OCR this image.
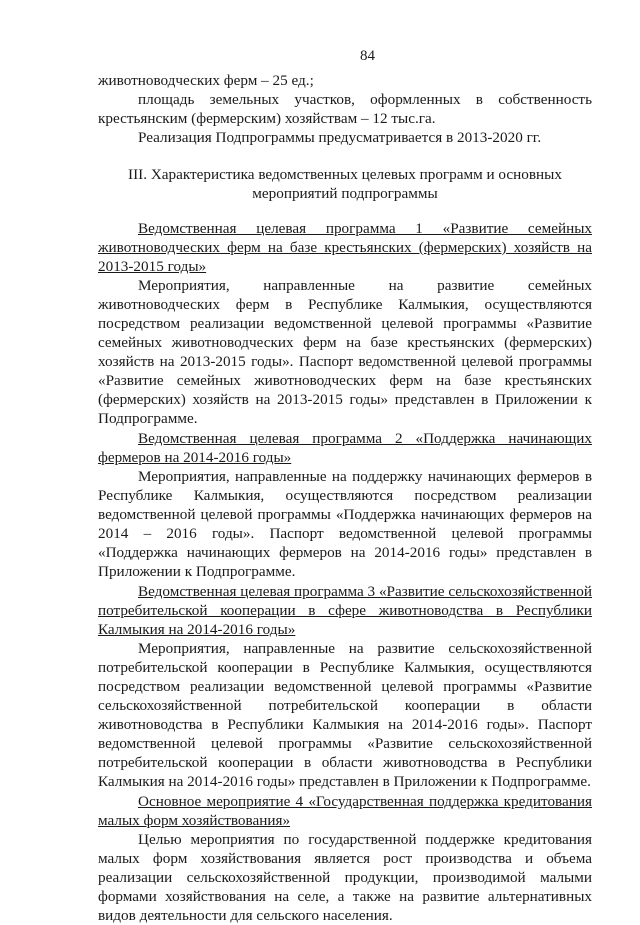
84

животноводческих ферм – 25 ед.;

площадь земельных участков, оформленных в собственность крестьянским (фермерским) хозяйствам – 12 тыс.га.

Реализация Подпрограммы предусматривается в 2013-2020 гг.

III. Характеристика ведомственных целевых программ и основных мероприятий подпрограммы

Ведомственная целевая программа 1 «Развитие семейных животноводческих ферм на базе крестьянских (фермерских) хозяйств на 2013-2015 годы»

Мероприятия, направленные на развитие семейных животноводческих ферм в Республике Калмыкия, осуществляются посредством реализации ведомственной целевой программы «Развитие семейных животноводческих ферм на базе крестьянских (фермерских) хозяйств на 2013-2015 годы». Паспорт ведомственной целевой программы «Развитие семейных животноводческих ферм на базе крестьянских (фермерских) хозяйств на 2013-2015 годы» представлен в Приложении к Подпрограмме.

Ведомственная целевая программа 2 «Поддержка начинающих фермеров на 2014-2016 годы»

Мероприятия, направленные на поддержку начинающих фермеров в Республике Калмыкия, осуществляются посредством реализации ведомственной целевой программы «Поддержка начинающих фермеров на 2014 – 2016 годы». Паспорт ведомственной целевой программы «Поддержка начинающих фермеров на 2014-2016 годы» представлен в Приложении к Подпрограмме.

Ведомственная целевая программа 3 «Развитие сельскохозяйственной потребительской кооперации в сфере животноводства в Республики Калмыкия на 2014-2016 годы»

Мероприятия, направленные на развитие сельскохозяйственной потребительской кооперации в Республике Калмыкия, осуществляются посредством реализации ведомственной целевой программы «Развитие сельскохозяйственной потребительской кооперации в области животноводства в Республики Калмыкия на 2014-2016 годы». Паспорт ведомственной целевой программы «Развитие сельскохозяйственной потребительской кооперации в области животноводства в Республики Калмыкия на 2014-2016 годы» представлен в Приложении к Подпрограмме.

Основное мероприятие 4 «Государственная поддержка кредитования малых форм хозяйствования»

Целью мероприятия по государственной поддержке кредитования малых форм хозяйствования является рост производства и объема реализации сельскохозяйственной продукции, производимой малыми формами хозяйствования на селе, а также на развитие альтернативных видов деятельности для сельского населения.
